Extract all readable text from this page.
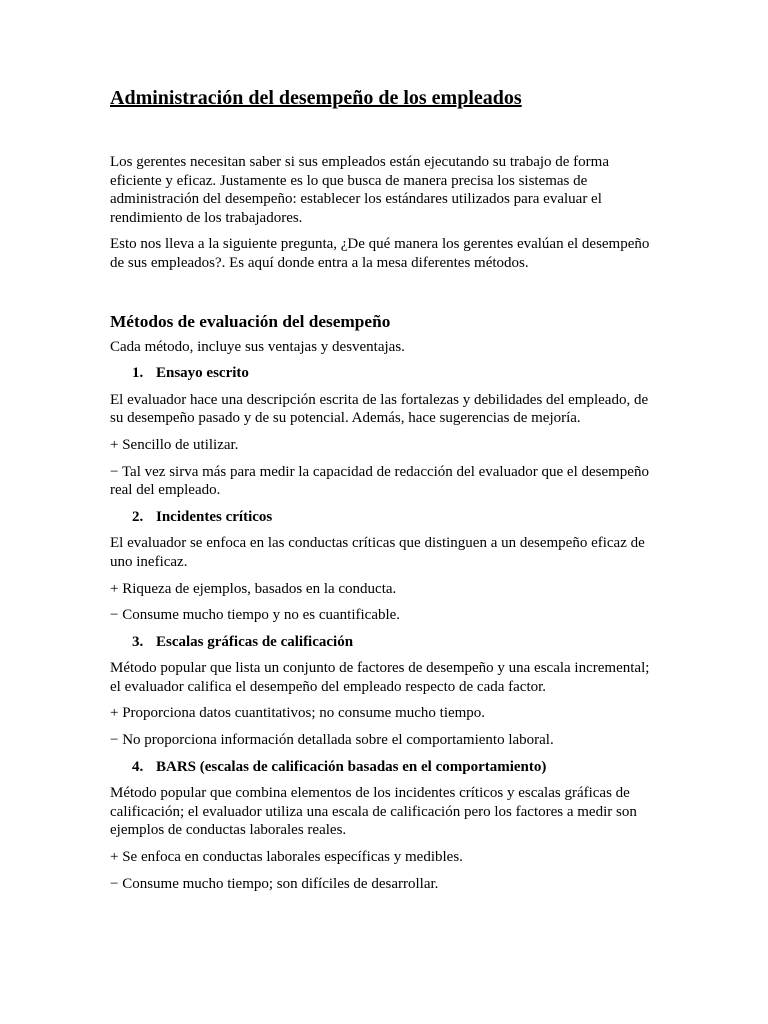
Administración del desempeño de los empleados

Los gerentes necesitan saber si sus empleados están ejecutando su trabajo de forma eficiente y eficaz. Justamente es lo que busca de manera precisa los sistemas de administración del desempeño: establecer los estándares utilizados para evaluar el rendimiento de los trabajadores.

Esto nos lleva a la siguiente pregunta, ¿De qué manera los gerentes evalúan el desempeño de sus empleados?. Es aquí donde entra a la mesa diferentes métodos.

Métodos de evaluación del desempeño

Cada método, incluye sus ventajas y desventajas.

1. Ensayo escrito

El evaluador hace una descripción escrita de las fortalezas y debilidades del empleado, de su desempeño pasado y de su potencial. Además, hace sugerencias de mejoría.

+ Sencillo de utilizar.

− Tal vez sirva más para medir la capacidad de redacción del evaluador que el desempeño real del empleado.

2. Incidentes críticos

El evaluador se enfoca en las conductas críticas que distinguen a un desempeño eficaz de uno ineficaz.

+ Riqueza de ejemplos, basados en la conducta.

− Consume mucho tiempo y no es cuantificable.

3. Escalas gráficas de calificación

Método popular que lista un conjunto de factores de desempeño y una escala incremental; el evaluador califica el desempeño del empleado respecto de cada factor.

+ Proporciona datos cuantitativos; no consume mucho tiempo.

− No proporciona información detallada sobre el comportamiento laboral.

4. BARS (escalas de calificación basadas en el comportamiento)

Método popular que combina elementos de los incidentes críticos y escalas gráficas de calificación; el evaluador utiliza una escala de calificación pero los factores a medir son ejemplos de conductas laborales reales.

+ Se enfoca en conductas laborales específicas y medibles.

− Consume mucho tiempo; son difíciles de desarrollar.
